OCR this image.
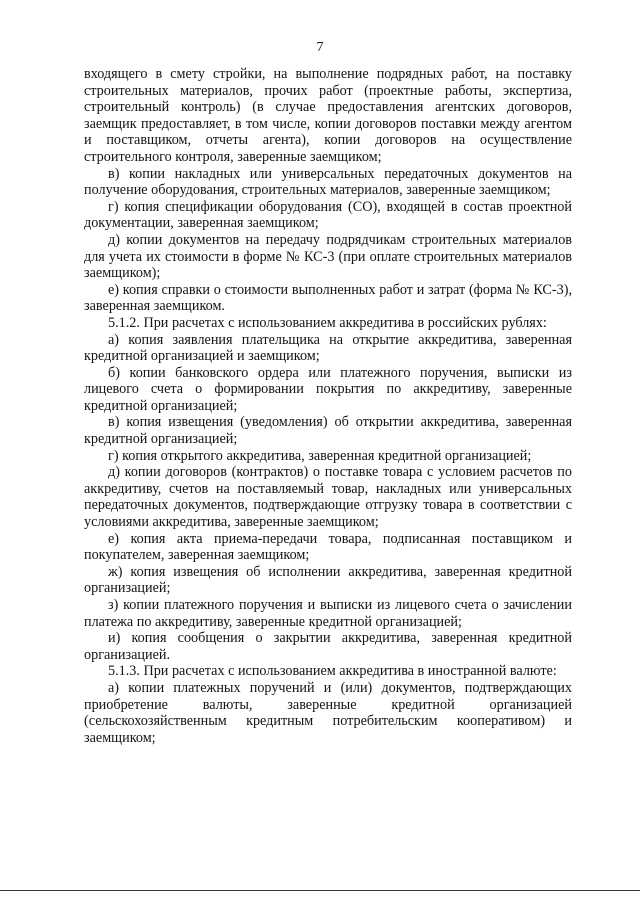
7

входящего в смету стройки, на выполнение подрядных работ, на поставку строительных материалов, прочих работ (проектные работы, экспертиза, строительный контроль) (в случае предоставления агентских договоров, заемщик предоставляет, в том числе, копии договоров поставки между агентом и поставщиком, отчеты агента), копии договоров на осуществление строительного контроля, заверенные заемщиком;

в) копии накладных или универсальных передаточных документов на получение оборудования, строительных материалов, заверенные заемщиком;

г) копия спецификации оборудования (СО), входящей в состав проектной документации, заверенная заемщиком;

д) копии документов на передачу подрядчикам строительных материалов для учета их стоимости в форме № КС-3 (при оплате строительных материалов заемщиком);

е) копия справки о стоимости выполненных работ и затрат (форма № КС-3), заверенная заемщиком.

5.1.2. При расчетах с использованием аккредитива в российских рублях:

а) копия заявления плательщика на открытие аккредитива, заверенная кредитной организацией и заемщиком;

б) копии банковского ордера или платежного поручения, выписки из лицевого счета о формировании покрытия по аккредитиву, заверенные кредитной организацией;

в) копия извещения (уведомления) об открытии аккредитива, заверенная кредитной организацией;

г) копия открытого аккредитива, заверенная кредитной организацией;

д) копии договоров (контрактов) о поставке товара с условием расчетов по аккредитиву, счетов на поставляемый товар, накладных или универсальных передаточных документов, подтверждающие отгрузку товара в соответствии с условиями аккредитива, заверенные заемщиком;

е) копия акта приема-передачи товара, подписанная поставщиком и покупателем, заверенная заемщиком;

ж) копия извещения об исполнении аккредитива, заверенная кредитной организацией;

з) копии платежного поручения и выписки из лицевого счета о зачислении платежа по аккредитиву, заверенные кредитной организацией;

и) копия сообщения о закрытии аккредитива, заверенная кредитной организацией.

5.1.3. При расчетах с использованием аккредитива в иностранной валюте:

а) копии платежных поручений и (или) документов, подтверждающих приобретение валюты, заверенные кредитной организацией (сельскохозяйственным кредитным потребительским кооперативом) и заемщиком;
